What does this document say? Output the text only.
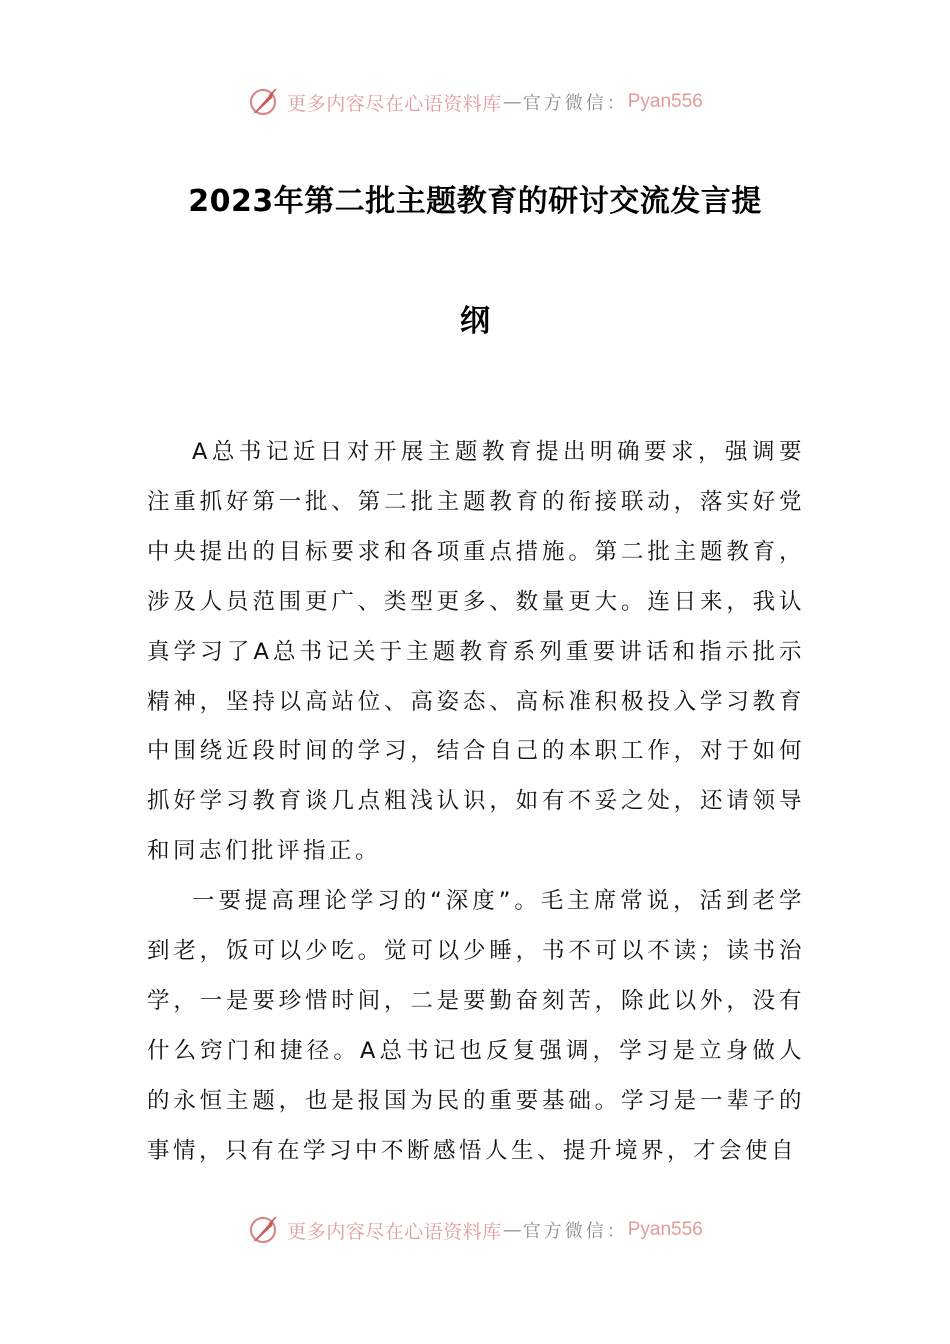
更多内容尽在心语资料库 — 官方微信： Pyan556
2023年第二批主题教育的研讨交流发言提
纲

A总书记近日对开展主题教育提出明确要求，强调要注重抓好第一批、第二批主题教育的衔接联动，落实好党中央提出的目标要求和各项重点措施。第二批主题教育，涉及人员范围更广、类型更多、数量更大。连日来，我认真学习了A总书记关于主题教育系列重要讲话和指示批示精神，坚持以高站位、高姿态、高标准积极投入学习教育中围绕近段时间的学习，结合自己的本职工作，对于如何抓好学习教育谈几点粗浅认识，如有不妥之处，还请领导和同志们批评指正。

一要提高理论学习的“深度”。毛主席常说，活到老学到老，饭可以少吃。觉可以少睡，书不可以不读；读书治学，一是要珍惜时间，二是要勤奋刻苦，除此以外，没有什么窍门和捷径。A总书记也反复强调，学习是立身做人的永恒主题，也是报国为民的重要基础。学习是一辈子的事情，只有在学习中不断感悟人生、提升境界，才会使自

更多内容尽在心语资料库 — 官方微信： Pyan556
